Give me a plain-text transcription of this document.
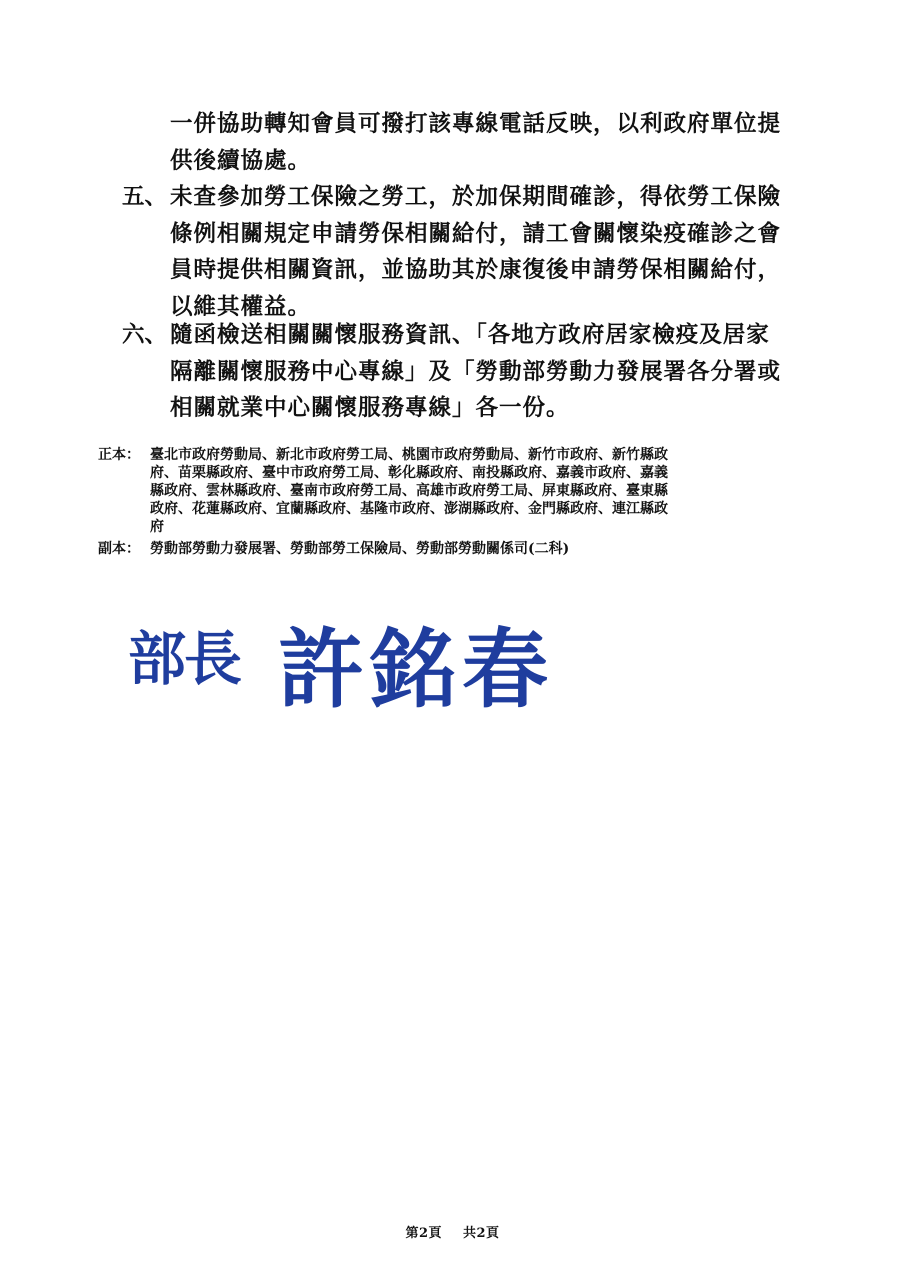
一併協助轉知會員可撥打該專線電話反映，以利政府單位提
供後續協處。
五、 未查參加勞工保險之勞工，於加保期間確診，得依勞工保險
條例相關規定申請勞保相關給付，請工會關懷染疫確診之會
員時提供相關資訊，並協助其於康復後申請勞保相關給付，
以維其權益。
六、 隨函檢送相關關懷服務資訊、「各地方政府居家檢疫及居家
隔離關懷服務中心專線」及「勞動部勞動力發展署各分署或
相關就業中心關懷服務專線」各一份。
正本： 臺北市政府勞動局、新北市政府勞工局、桃園市政府勞動局、新竹市政府、新竹縣政
府、苗栗縣政府、臺中市政府勞工局、彰化縣政府、南投縣政府、嘉義市政府、嘉義
縣政府、雲林縣政府、臺南市政府勞工局、高雄市政府勞工局、屏東縣政府、臺東縣
政府、花蓮縣政府、宜蘭縣政府、基隆市政府、澎湖縣政府、金門縣政府、連江縣政
府
副本： 勞動部勞動力發展署、勞動部勞工保險局、勞動部勞動關係司(二科)
部長 許銘春
第2頁 共2頁
